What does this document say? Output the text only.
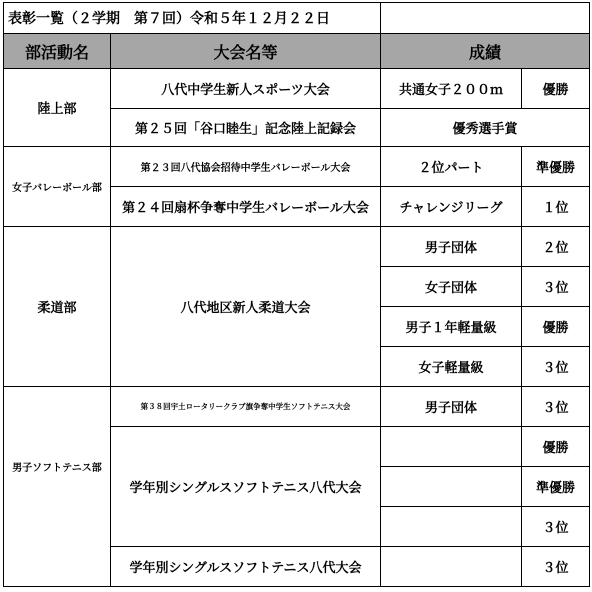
表彰一覧（２学期　第７回）令和５年１２月２２日			
部活動名	大会名等	成績	
陸上部	八代中学生新人スポーツ大会	共通女子２００ｍ	優勝
	第２５回「谷口睦生」記念陸上記録会	優秀選手賞	
女子バレーボール部	第２３回八代協会招待中学生バレーボール大会	２位パート	準優勝
	第２４回扇杯争奪中学生バレーボール大会	チャレンジリーグ	１位
柔道部	八代地区新人柔道大会	男子団体	２位
		女子団体	３位
		男子１年軽量級	優勝
		女子軽量級	３位
男子ソフトテニス部	第３８回宇土ロータリークラブ旗争奪中学生ソフトテニス大会	男子団体	３位
	学年別シングルスソフトテニス八代大会		優勝
			準優勝
			３位
	学年別シングルスソフトテニス八代大会		３位
